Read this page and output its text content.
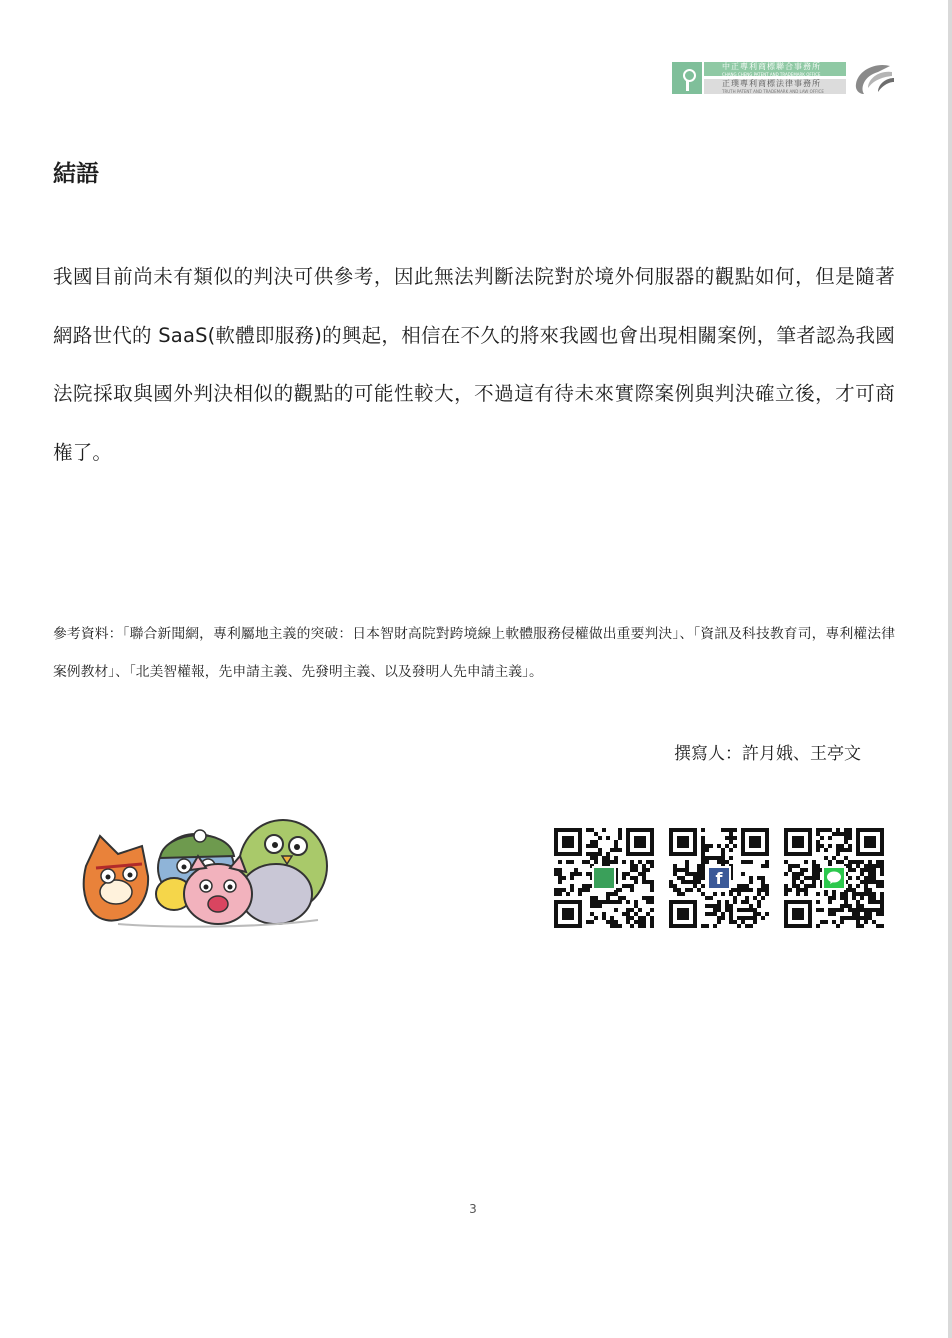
中正專利商標聯合事務所
CHANG CHENG PATENT AND TRADEMARK OFFICE
正璞專利商標法律事務所
TRUTH PATENT AND TRADEMARK AND LAW OFFICE
結語

我國目前尚未有類似的判決可供參考，因此無法判斷法院對於境外伺服器的觀點如何，但是隨著網路世代的 SaaS(軟體即服務)的興起，相信在不久的將來我國也會出現相關案例，筆者認為我國法院採取與國外判決相似的觀點的可能性較大，不過這有待未來實際案例與判決確立後，才可商権了。

參考資料：「聯合新聞網，專利屬地主義的突破：日本智財高院對跨境線上軟體服務侵權做出重要判決」、「資訊及科技教育司，專利權法律案例教材」、「北美智權報，先申請主義、先發明主義、以及發明人先申請主義」。

撰寫人：許月娥、王亭文
f
3
